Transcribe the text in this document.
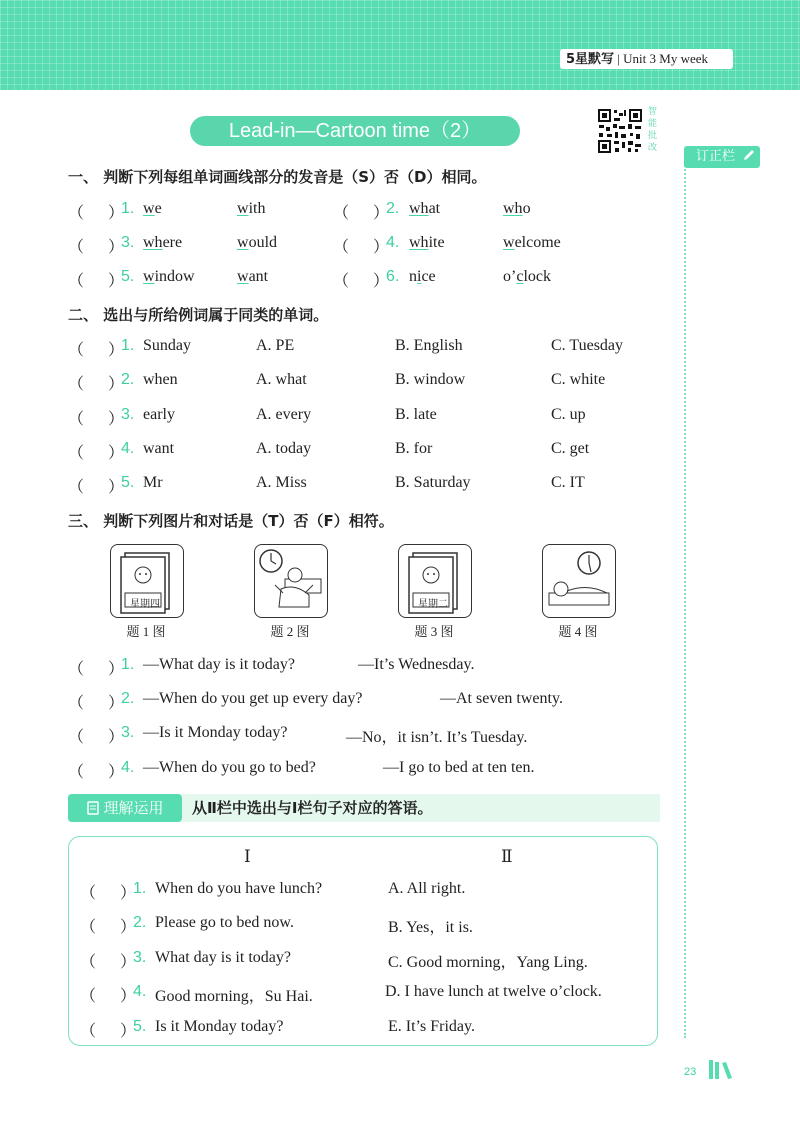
5星默写 | Unit 3 My week
Lead-in—Cartoon time（2）
智能批改
订正栏
一、 判断下列每组单词画线部分的发音是（S）否（D）相同。
（ ）
1. we	with	（ ）
2. what	who
（ ）
3. where	would	（ ）
4. white	welcome
（ ）
5. window	want	（ ）
6. nice	o’clock
二、 选出与所给例词属于同类的单词。
（ ）
1. Sunday	A. PE	B. English	C. Tuesday
（ ）
2. when	A. what	B. window	C. white
（ ）
3. early	A. every	B. late	C. up
（ ）
4. want	A. today	B. for	C. get
（ ）
5. Mr	A. Miss	B. Saturday	C. IT
三、 判断下列图片和对话是（T）否（F）相符。
星期四
题 1 图	题 2 图
星期二
题 3 图	题 4 图
（ ）
1. —What day is it today?	—It’s Wednesday.
（ ）
2. —When do you get up every day?	—At seven twenty.
（ ）
3. —Is it Monday today?	—No，it isn’t. It’s Tuesday.
（ ）
4. —When do you go to bed?	—I go to bed at ten ten.
理解运用	从Ⅱ栏中选出与Ⅰ栏句子对应的答语。
Ⅰ	Ⅱ
（ ）
1. When do you have lunch?	A. All right.
（ ）
2. Please go to bed now.	B. Yes，it is.
（ ）
3. What day is it today?	C. Good morning，Yang Ling.
（ ）
4. Good morning，Su Hai.	D. I have lunch at twelve o’clock.
（ ）
5. Is it Monday today?	E. It’s Friday.
23
